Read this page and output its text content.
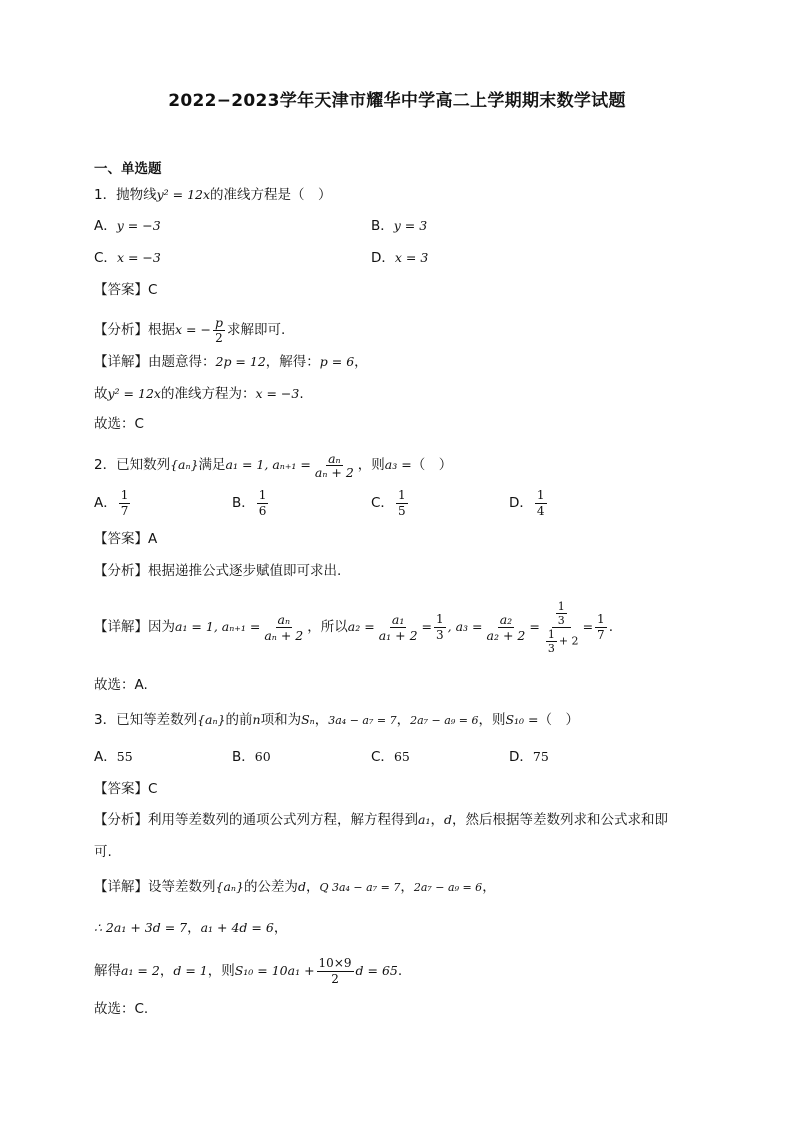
2022−2023学年天津市耀华中学高二上学期期末数学试题
一、单选题
1．抛物线y² = 12x的准线方程是（　）
A．y = −3	B．y = 3
C．x = −3	D．x = 3
【答案】C
【分析】根据x = − $\frac{p}{2}$ 求解即可.
【详解】由题意得：2p = 12，解得：p = 6，
故y² = 12x的准线方程为：x = −3.
故选：C
2．已知数列{aₙ}满足a₁ = 1, $a_{n+1} = \frac{\text{aₙ}}{\text{aₙ + 2}}$ ，则a₃ =（　）
A． $\frac{1}{7}$	B． $\frac{1}{6}$	C． $\frac{1}{5}$	D． $\frac{1}{4}$
【答案】A
【分析】根据递推公式逐步赋值即可求出.
【详解】 因为 a₁ = 1, $a_{n+1} = \frac{\text{aₙ}}{\text{aₙ + 2}}$ ，所以 $a_2 = \frac{\text{a₁}}{\text{a₁ + 2}} = \frac{1}{3}$ , $a_3 = \frac{\text{a₂}}{\text{a₂ + 2}} = \frac{\frac{1}{3}}{\frac{1}{3} + 2} = \frac{1}{7}$ .
故选：A.
3．已知等差数列{aₙ}的前n项和为Sₙ，3a₄ − a₇ = 7，2a₇ − a₉ = 6，则S₁₀ =（　）
A．55	B．60	C．65	D．75
【答案】C
【分析】利用等差数列的通项公式列方程，解方程得到a₁，d，然后根据等差数列求和公式求和即
可.
【详解】设等差数列{aₙ}的公差为d，Q 3a₄ − a₇ = 7，2a₇ − a₉ = 6，
∴ 2a₁ + 3d = 7，a₁ + 4d = 6，
解得a₁ = 2，d = 1，则$S_{10} = 10a_1 + \frac{10\times 9}{2}$ d = 65.
故选：C.
